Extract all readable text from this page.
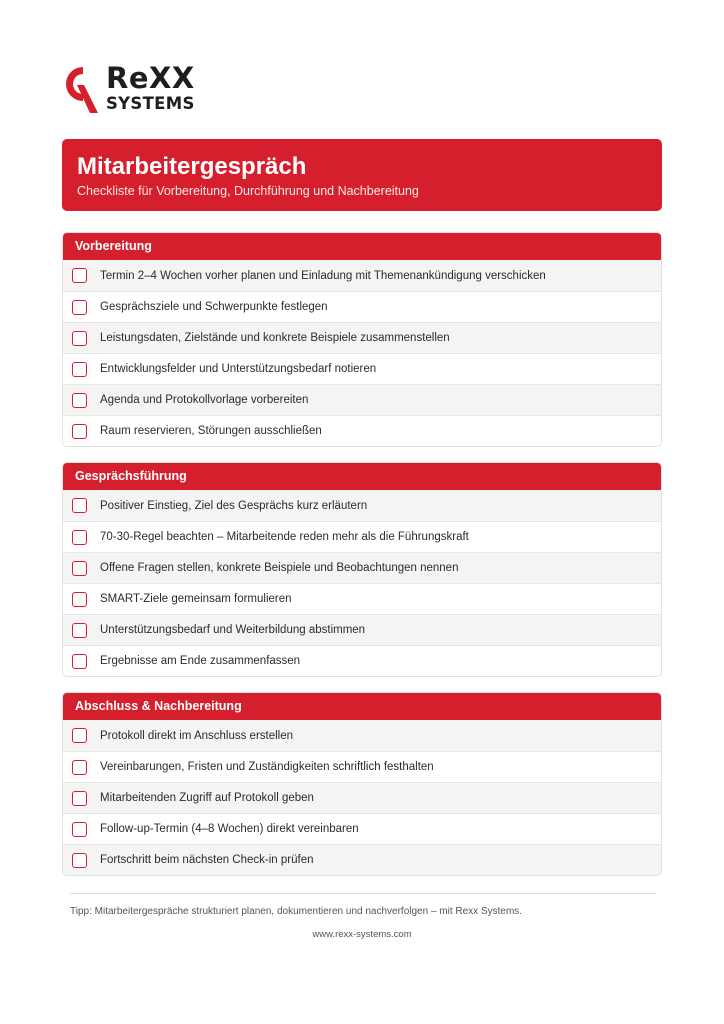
ReXX
SYSTEMS
Mitarbeitergespräch
Checkliste für Vorbereitung, Durchführung und Nachbereitung
Vorbereitung
Termin 2–4 Wochen vorher planen und Einladung mit Themenankündigung verschicken
Gesprächsziele und Schwerpunkte festlegen
Leistungsdaten, Zielstände und konkrete Beispiele zusammenstellen
Entwicklungsfelder und Unterstützungsbedarf notieren
Agenda und Protokollvorlage vorbereiten
Raum reservieren, Störungen ausschließen
Gesprächsführung
Positiver Einstieg, Ziel des Gesprächs kurz erläutern
70-30-Regel beachten – Mitarbeitende reden mehr als die Führungskraft
Offene Fragen stellen, konkrete Beispiele und Beobachtungen nennen
SMART-Ziele gemeinsam formulieren
Unterstützungsbedarf und Weiterbildung abstimmen
Ergebnisse am Ende zusammenfassen
Abschluss & Nachbereitung
Protokoll direkt im Anschluss erstellen
Vereinbarungen, Fristen und Zuständigkeiten schriftlich festhalten
Mitarbeitenden Zugriff auf Protokoll geben
Follow-up-Termin (4–8 Wochen) direkt vereinbaren
Fortschritt beim nächsten Check-in prüfen
Tipp: Mitarbeitergespräche strukturiert planen, dokumentieren und nachverfolgen – mit Rexx Systems.
www.rexx-systems.com
